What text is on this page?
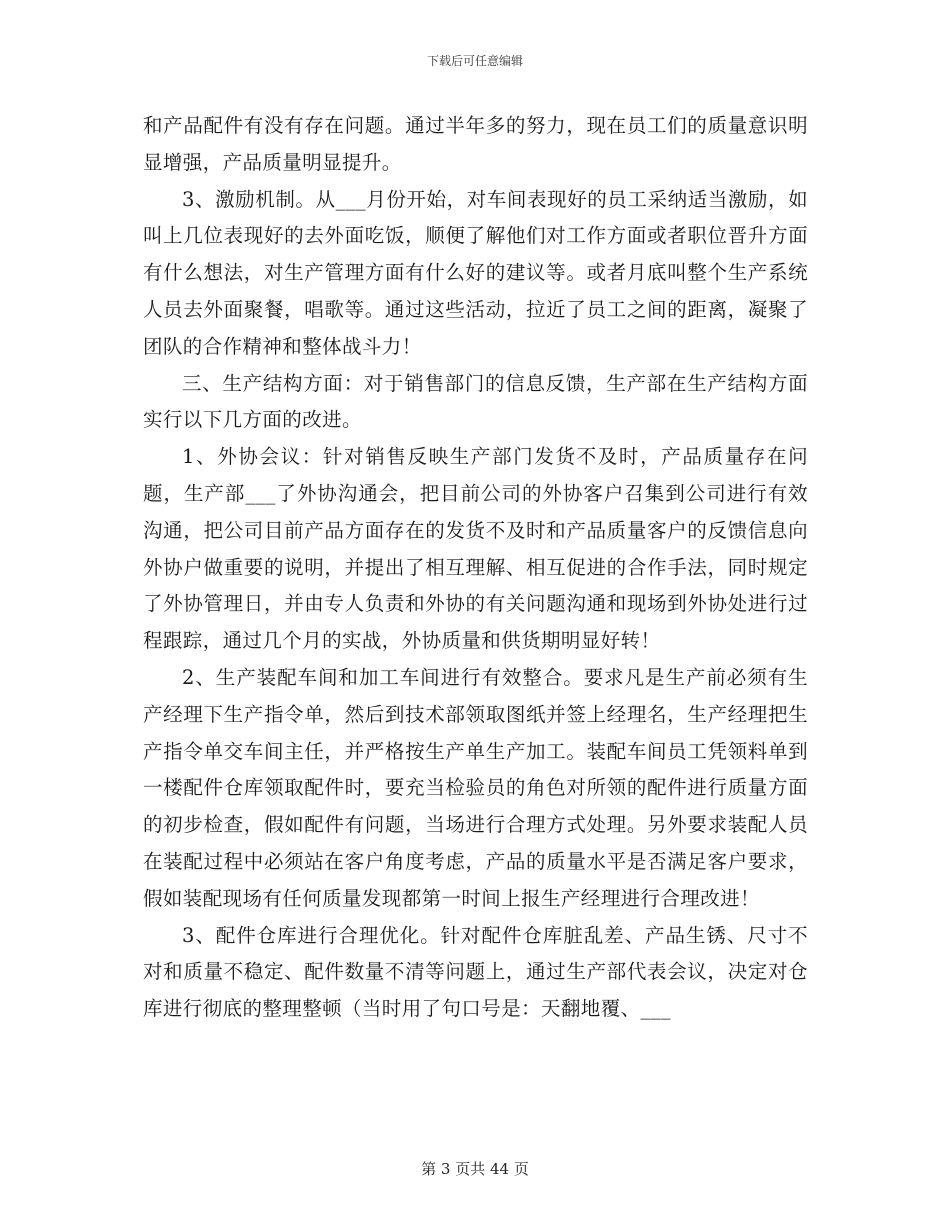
下载后可任意编辑

和产品配件有没有存在问题。通过半年多的努力，现在员工们的质量意识明显增强，产品质量明显提升。

3、激励机制。从___月份开始，对车间表现好的员工采纳适当激励，如叫上几位表现好的去外面吃饭，顺便了解他们对工作方面或者职位晋升方面有什么想法，对生产管理方面有什么好的建议等。或者月底叫整个生产系统人员去外面聚餐，唱歌等。通过这些活动，拉近了员工之间的距离，凝聚了团队的合作精神和整体战斗力！

三、生产结构方面：对于销售部门的信息反馈，生产部在生产结构方面实行以下几方面的改进。

1、外协会议：针对销售反映生产部门发货不及时，产品质量存在问题，生产部___了外协沟通会，把目前公司的外协客户召集到公司进行有效沟通，把公司目前产品方面存在的发货不及时和产品质量客户的反馈信息向外协户做重要的说明，并提出了相互理解、相互促进的合作手法，同时规定了外协管理日，并由专人负责和外协的有关问题沟通和现场到外协处进行过程跟踪，通过几个月的实战，外协质量和供货期明显好转！

2、生产装配车间和加工车间进行有效整合。要求凡是生产前必须有生产经理下生产指令单，然后到技术部领取图纸并签上经理名，生产经理把生产指令单交车间主任，并严格按生产单生产加工。装配车间员工凭领料单到一楼配件仓库领取配件时，要充当检验员的角色对所领的配件进行质量方面的初步检查，假如配件有问题，当场进行合理方式处理。另外要求装配人员在装配过程中必须站在客户角度考虑，产品的质量水平是否满足客户要求，假如装配现场有任何质量发现都第一时间上报生产经理进行合理改进！

3、配件仓库进行合理优化。针对配件仓库脏乱差、产品生锈、尺寸不对和质量不稳定、配件数量不清等问题上，通过生产部代表会议，决定对仓库进行彻底的整理整顿（当时用了句口号是：天翻地覆、___

第 3 页共 44 页
